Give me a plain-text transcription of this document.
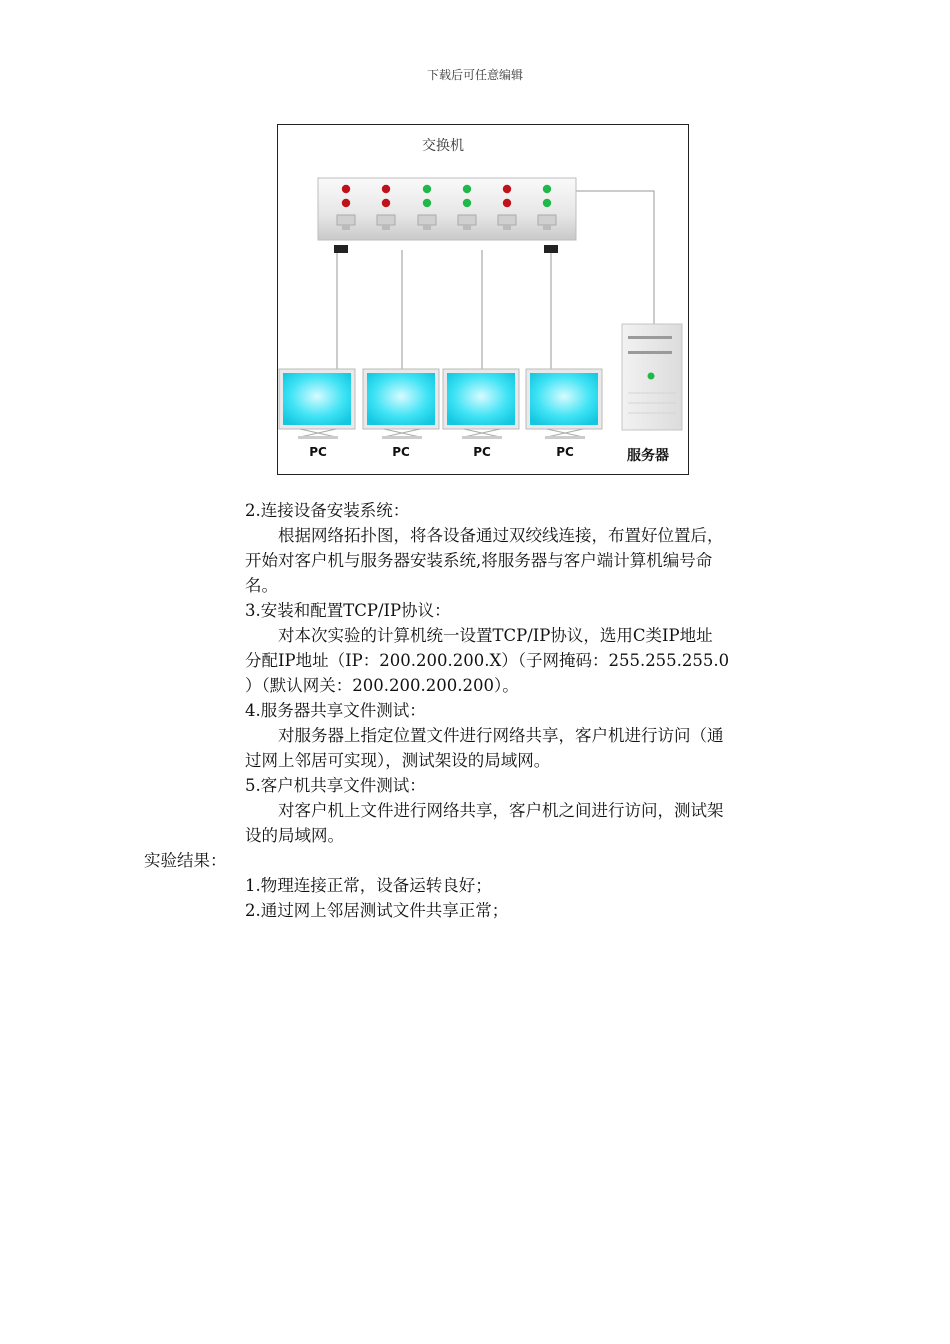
下载后可任意编辑
交换机
PC	PC	PC	PC	服务器
2.连接设备安装系统：
根据网络拓扑图，将各设备通过双绞线连接，布置好位置后，
开始对客户机与服务器安装系统,将服务器与客户端计算机编号命
名。
3.安装和配置TCP/IP协议：
对本次实验的计算机统一设置TCP/IP协议，选用C类IP地址
分配IP地址（IP：200.200.200.X）（子网掩码：255.255.255.0
）（默认网关：200.200.200.200）。
4.服务器共享文件测试：
对服务器上指定位置文件进行网络共享，客户机进行访问（通
过网上邻居可实现），测试架设的局域网。
5.客户机共享文件测试：
对客户机上文件进行网络共享，客户机之间进行访问，测试架
设的局域网。
实验结果：
1.物理连接正常，设备运转良好；
2.通过网上邻居测试文件共享正常；
